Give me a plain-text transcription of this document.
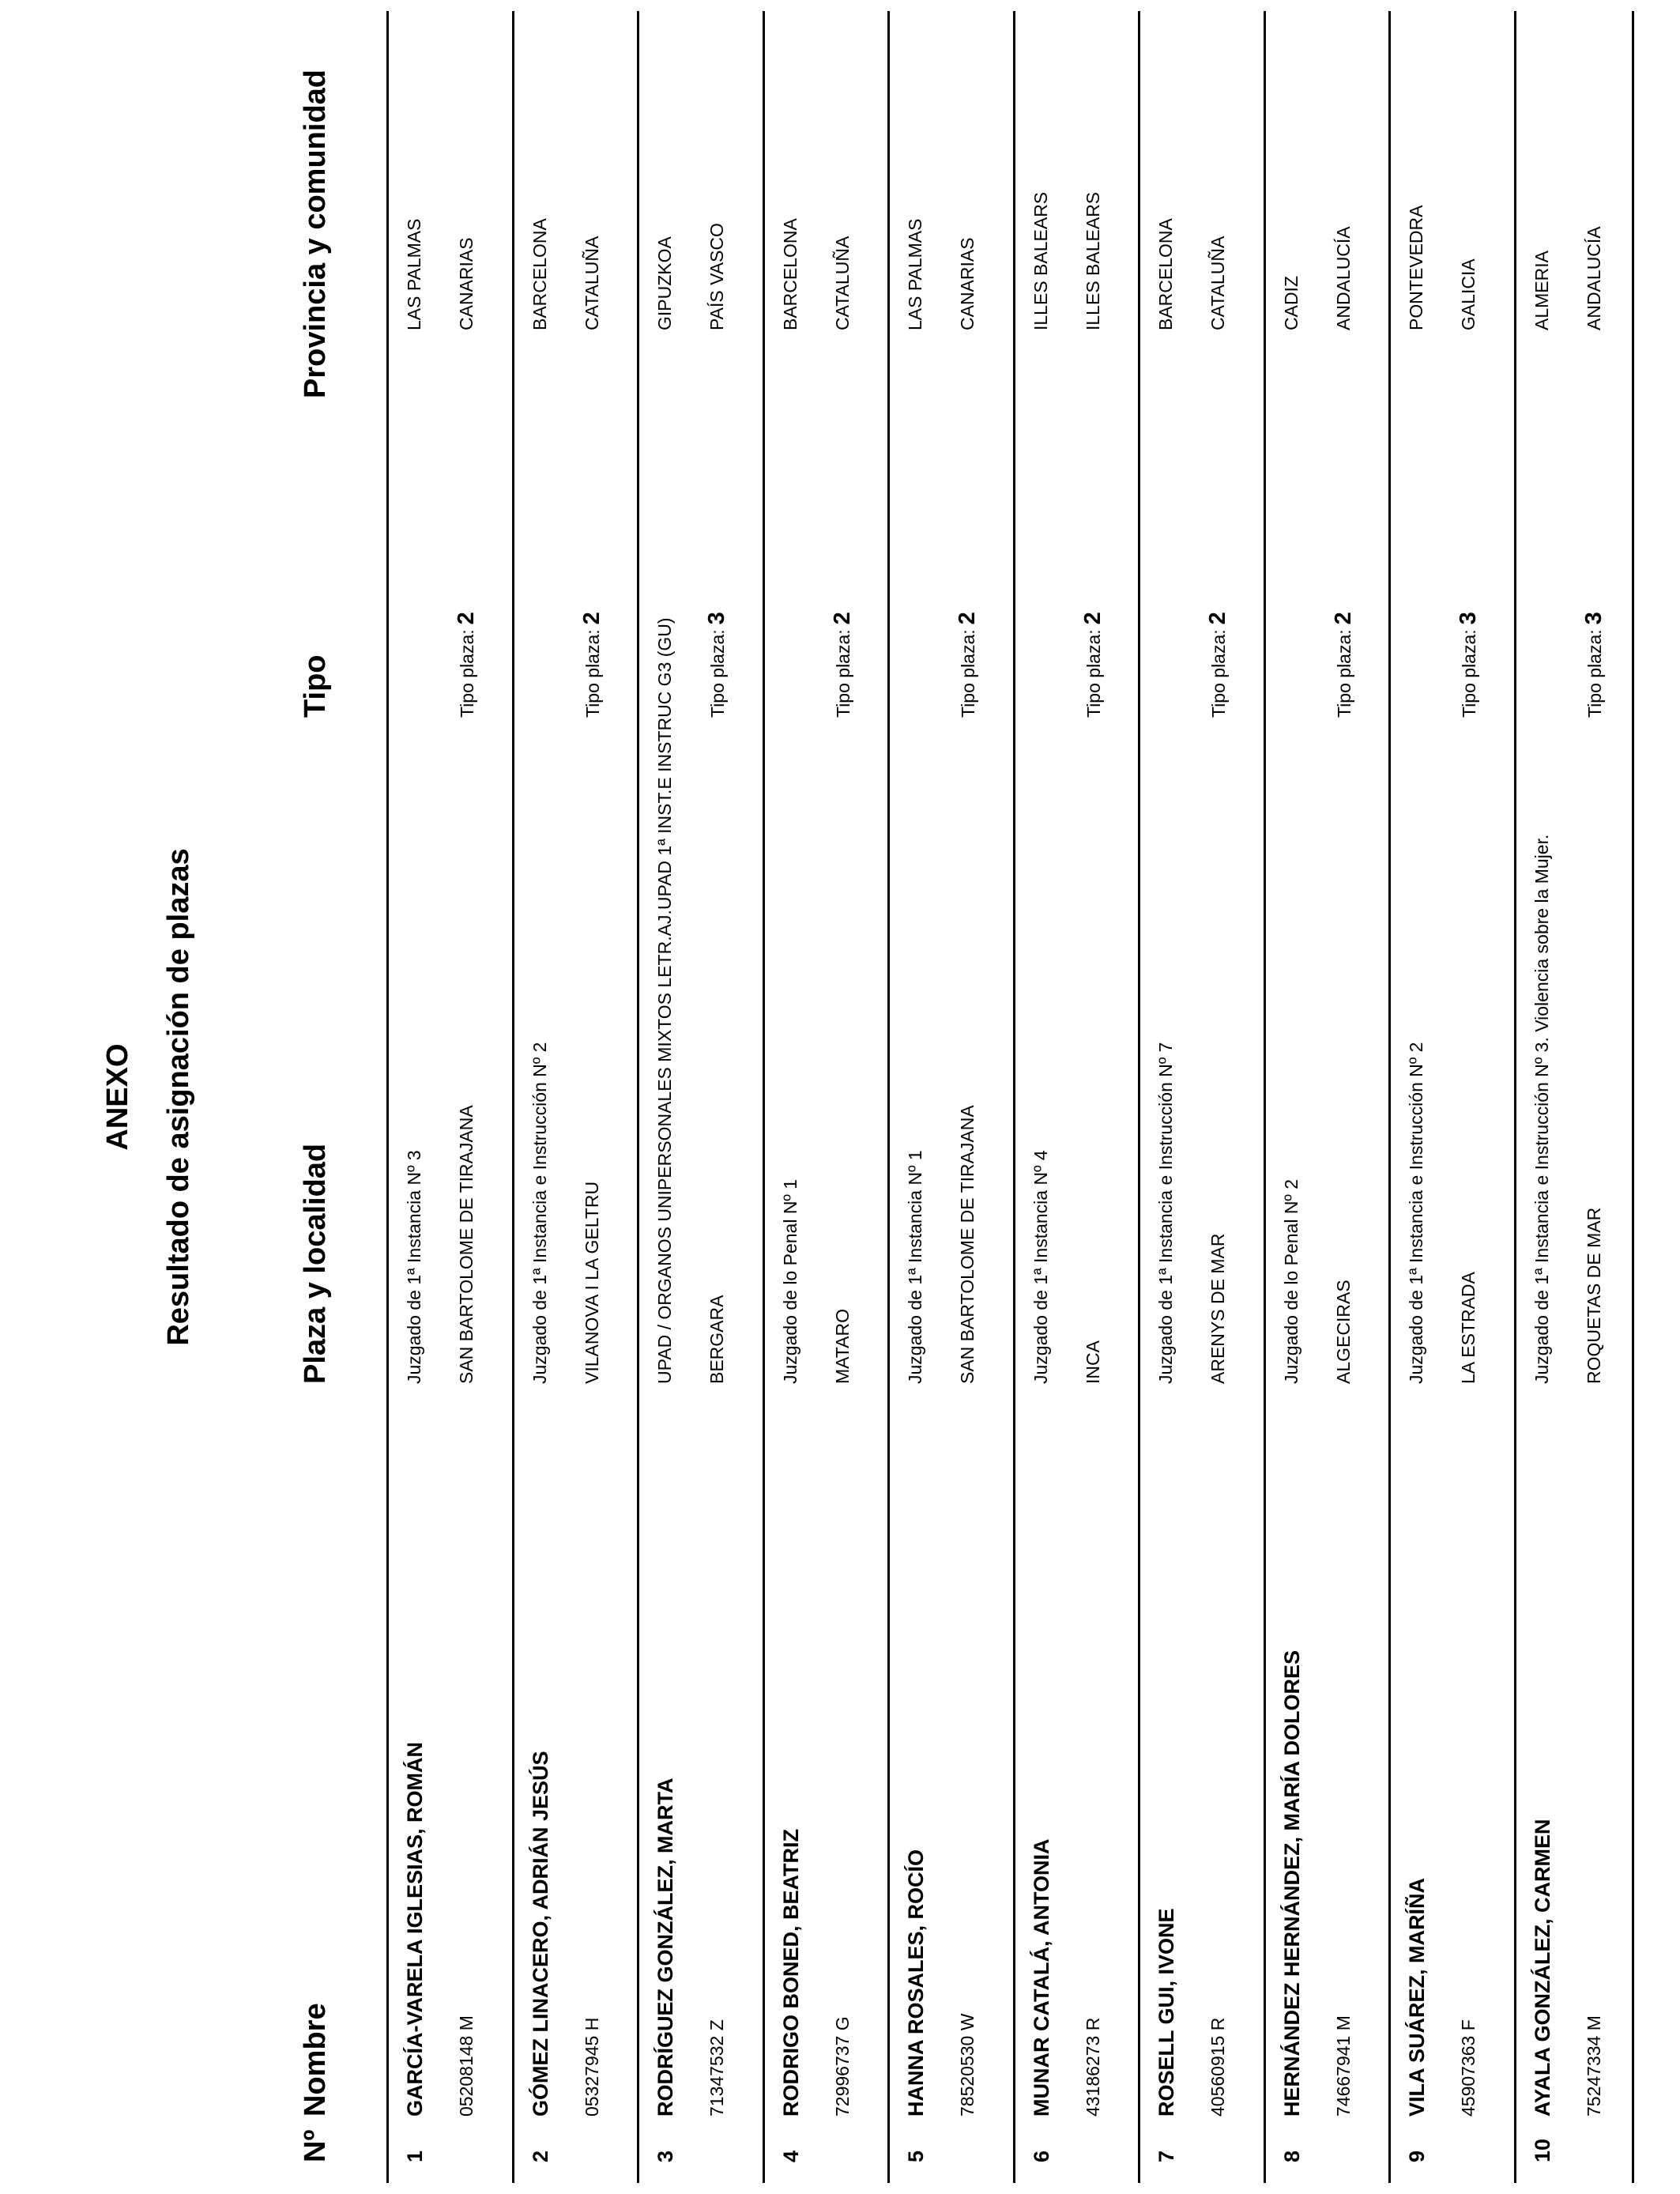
ANEXO Resultado de asignación de plazas
Nº
Nombre
Plaza y localidad
Tipo
Provincia y comunidad
1
GARCÍA-VARELA IGLESIAS, ROMÁN 05208148 M
Juzgado de 1ª Instancia Nº 3 SAN BARTOLOME DE TIRAJANA
Tipo plaza:2
LAS PALMAS CANARIAS
2
GÓMEZ LINACERO, ADRIÁN JESÚS 05327945 H
Juzgado de 1ª Instancia e Instrucción Nº 2 VILANOVA I LA GELTRU
Tipo plaza:2
BARCELONA CATALUÑA
3
RODRÍGUEZ GONZÁLEZ, MARTA 71347532 Z
UPAD / ORGANOS UNIPERSONALES MIXTOS LETR.AJ.UPAD 1ª INST.E INSTRUC G3 (GU) BERGARA
Tipo plaza:3
GIPUZKOA PAÍS VASCO
4
RODRIGO BONED, BEATRIZ 72996737 G
Juzgado de lo Penal Nº 1 MATARO
Tipo plaza:2
BARCELONA CATALUÑA
5
HANNA ROSALES, ROCÍO 78520530 W
Juzgado de 1ª Instancia Nº 1 SAN BARTOLOME DE TIRAJANA
Tipo plaza:2
LAS PALMAS CANARIAS
6
MUNAR CATALÁ, ANTONIA 43186273 R
Juzgado de 1ª Instancia Nº 4 INCA
Tipo plaza:2
ILLES BALEARS ILLES BALEARS
7
ROSELL GUI, IVONE 40560915 R
Juzgado de 1ª Instancia e Instrucción Nº 7 ARENYS DE MAR
Tipo plaza:2
BARCELONA CATALUÑA
8
HERNÁNDEZ HERNÁNDEZ, MARÍA DOLORES 74667941 M
Juzgado de lo Penal Nº 2 ALGECIRAS
Tipo plaza:2
CADIZ ANDALUCÍA
9
VILA SUÁREZ, MARÍÑA 45907363 F
Juzgado de 1ª Instancia e Instrucción Nº 2 LA ESTRADA
Tipo plaza:3
PONTEVEDRA GALICIA
10
AYALA GONZÁLEZ, CARMEN 75247334 M
Juzgado de 1ª Instancia e Instrucción Nº 3. Violencia sobre la Mujer. ROQUETAS DE MAR
Tipo plaza:3
ALMERIA ANDALUCÍA
